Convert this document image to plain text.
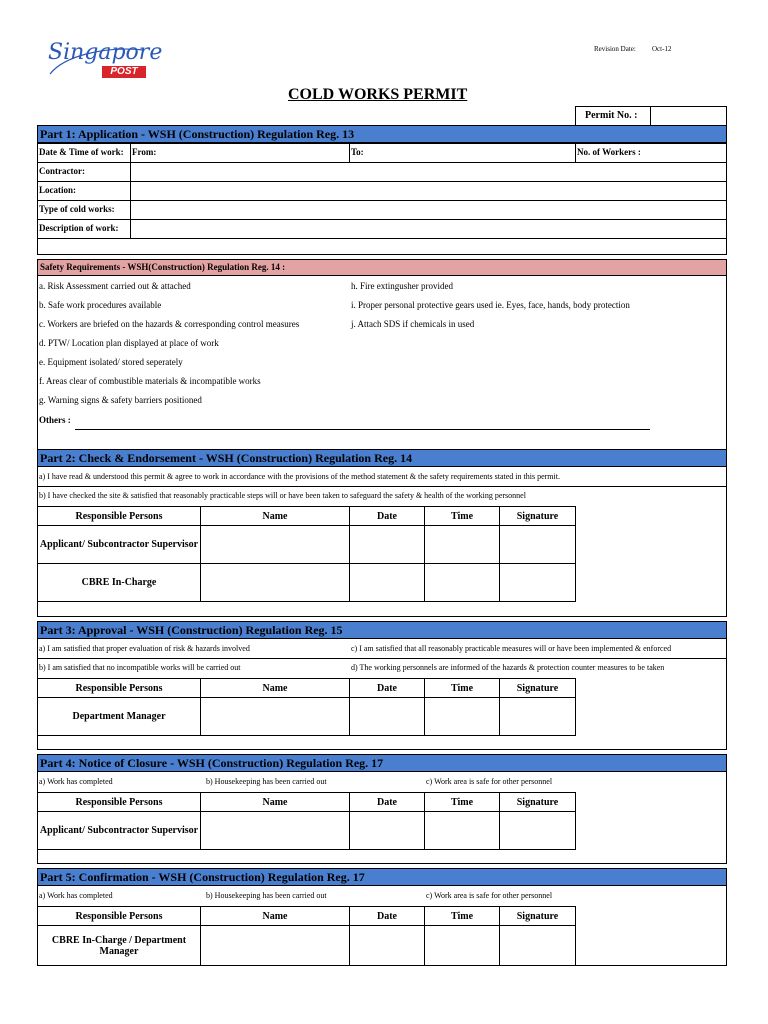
Singapore
POST
Revision Date: Oct-12
COLD WORKS PERMIT
Permit No. :
Part 1: Application - WSH (Construction) Regulation Reg. 13
Date & Time of work: From:	To:	No. of Workers :
Contractor:
Location:
Type of cold works:
Description of work:
Safety Requirements - WSH(Construction) Regulation Reg. 14 :
a. Risk Assessment carried out & attached
b. Safe work procedures available
c. Workers are briefed on the hazards & corresponding control measures
d. PTW/ Location plan displayed at place of work
e. Equipment isolated/ stored seperately
f. Areas clear of combustible materials & incompatible works
g. Warning signs & safety barriers positioned
h. Fire extingusher provided
i. Proper personal protective gears used ie. Eyes, face, hands, body protection
j. Attach SDS if chemicals in used
Others :
Part 2: Check & Endorsement - WSH (Construction) Regulation Reg. 14
a) I have read & understood this permit & agree to work in accordance with the provisions of the method statement & the safety requirements stated in this permit.
b) I have checked the site & satisfied that reasonably practicable steps will or have been taken to safeguard the safety & health of the working personnel
Responsible Persons	Name	Date	Time	Signature
Applicant/ Subcontractor Supervisor
CBRE In-Charge
Part 3: Approval - WSH (Construction) Regulation Reg. 15
a) I am satisfied that proper evaluation of risk & hazards involved
b) I am satisfied that no incompatible works will be carried out
c) I am satisfied that all reasonably practicable measures will or have been implemented & enforced
d) The working personnels are informed of the hazards & protection counter measures to be taken
Responsible Persons	Name	Date	Time	Signature
Department Manager
Part 4: Notice of Closure - WSH (Construction) Regulation Reg. 17
a) Work has completed	b) Housekeeping has been carried out	c) Work area is safe for other personnel
Responsible Persons	Name	Date	Time	Signature
Applicant/ Subcontractor Supervisor
Part 5: Confirmation - WSH (Construction) Regulation Reg. 17
a) Work has completed	b) Housekeeping has been carried out	c) Work area is safe for other personnel
Responsible Persons	Name	Date	Time	Signature
CBRE In-Charge / Department Manager
